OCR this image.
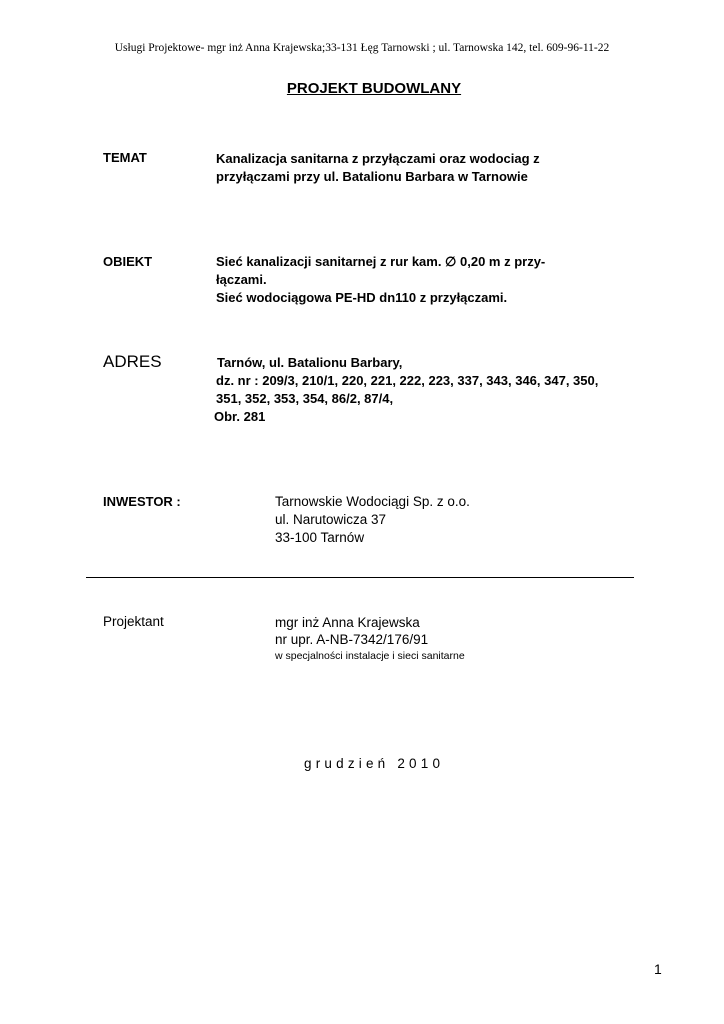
Usługi Projektowe- mgr inż Anna Krajewska;33-131 Łęg Tarnowski ; ul. Tarnowska 142, tel. 609-96-11-22
PROJEKT BUDOWLANY
TEMAT	Kanalizacja sanitarna z przyłączami oraz wodociag z
przyłączami przy ul. Batalionu Barbara w Tarnowie
OBIEKT	Sieć kanalizacji sanitarnej z rur kam. ∅ 0,20 m z przy-
łączami.
Sieć wodociągowa PE-HD dn110 z przyłączami.
ADRES	Tarnów, ul. Batalionu Barbary,
dz. nr : 209/3, 210/1, 220, 221, 222, 223, 337, 343, 346, 347, 350,
351, 352, 353, 354, 86/2, 87/4,
Obr. 281
INWESTOR :	Tarnowskie Wodociągi Sp. z o.o.
ul. Narutowicza 37
33-100 Tarnów
Projektant	mgr inż Anna Krajewska
nr upr. A-NB-7342/176/91
w specjalności instalacje i sieci sanitarne
grudzień 2010
1
